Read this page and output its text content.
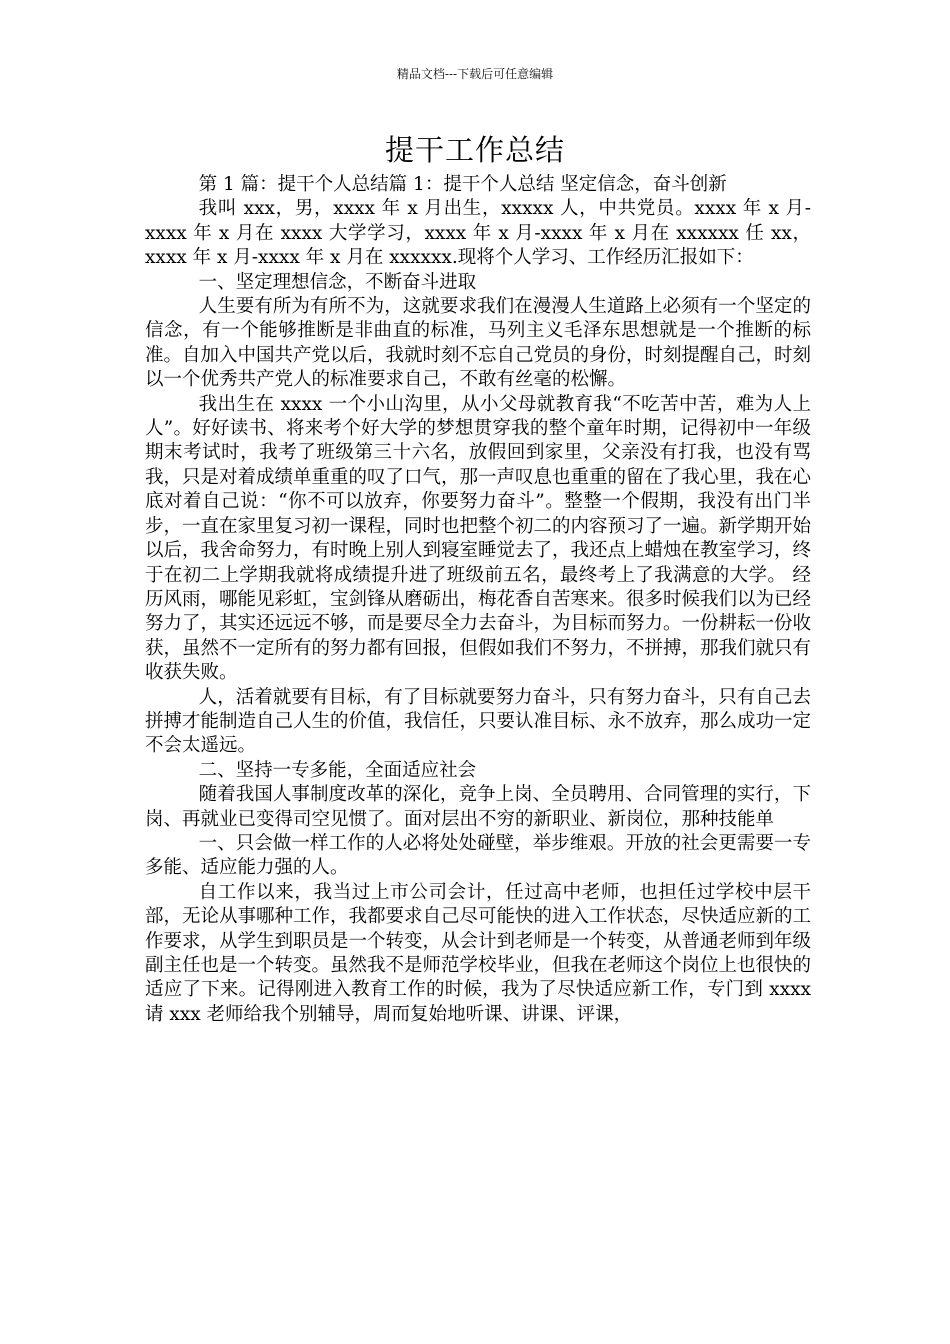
精品文档---下载后可任意编辑
提干工作总结

第 1 篇：提干个人总结篇 1：提干个人总结 坚定信念，奋斗创新

我叫 xxx，男，xxxx 年 x 月出生，xxxxx 人，中共党员。xxxx 年 x 月-xxxx 年 x 月在 xxxx 大学学习，xxxx 年 x 月-xxxx 年 x 月在 xxxxxx 任 xx，xxxx 年 x 月-xxxx 年 x 月在 xxxxxx.现将个人学习、工作经历汇报如下：

一、坚定理想信念，不断奋斗进取

人生要有所为有所不为，这就要求我们在漫漫人生道路上必须有一个坚定的信念，有一个能够推断是非曲直的标准，马列主义毛泽东思想就是一个推断的标准。自加入中国共产党以后，我就时刻不忘自己党员的身份，时刻提醒自己，时刻以一个优秀共产党人的标准要求自己，不敢有丝毫的松懈。

我出生在 xxxx 一个小山沟里，从小父母就教育我“不吃苦中苦，难为人上人”。好好读书、将来考个好大学的梦想贯穿我的整个童年时期，记得初中一年级期末考试时，我考了班级第三十六名，放假回到家里，父亲没有打我，也没有骂我，只是对着成绩单重重的叹了口气，那一声叹息也重重的留在了我心里，我在心底对着自己说：“你不可以放弃，你要努力奋斗”。整整一个假期，我没有出门半步，一直在家里复习初一课程，同时也把整个初二的内容预习了一遍。新学期开始以后，我舍命努力，有时晚上别人到寝室睡觉去了，我还点上蜡烛在教室学习，终于在初二上学期我就将成绩提升进了班级前五名，最终考上了我满意的大学。 经历风雨，哪能见彩虹，宝剑锋从磨砺出，梅花香自苦寒来。很多时候我们以为已经努力了，其实还远远不够，而是要尽全力去奋斗，为目标而努力。一份耕耘一份收获，虽然不一定所有的努力都有回报，但假如我们不努力，不拼搏，那我们就只有收获失败。

人，活着就要有目标，有了目标就要努力奋斗，只有努力奋斗，只有自己去拼搏才能制造自己人生的价值，我信任，只要认准目标、永不放弃，那么成功一定不会太遥远。

二、坚持一专多能，全面适应社会

随着我国人事制度改革的深化，竞争上岗、全员聘用、合同管理的实行，下岗、再就业已变得司空见惯了。面对层出不穷的新职业、新岗位，那种技能单

一、只会做一样工作的人必将处处碰壁，举步维艰。开放的社会更需要一专多能、适应能力强的人。

自工作以来，我当过上市公司会计，任过高中老师，也担任过学校中层干部，无论从事哪种工作，我都要求自己尽可能快的进入工作状态，尽快适应新的工作要求，从学生到职员是一个转变，从会计到老师是一个转变，从普通老师到年级副主任也是一个转变。虽然我不是师范学校毕业，但我在老师这个岗位上也很快的适应了下来。记得刚进入教育工作的时候，我为了尽快适应新工作，专门到 xxxx 请 xxx 老师给我个别辅导，周而复始地听课、讲课、评课，
